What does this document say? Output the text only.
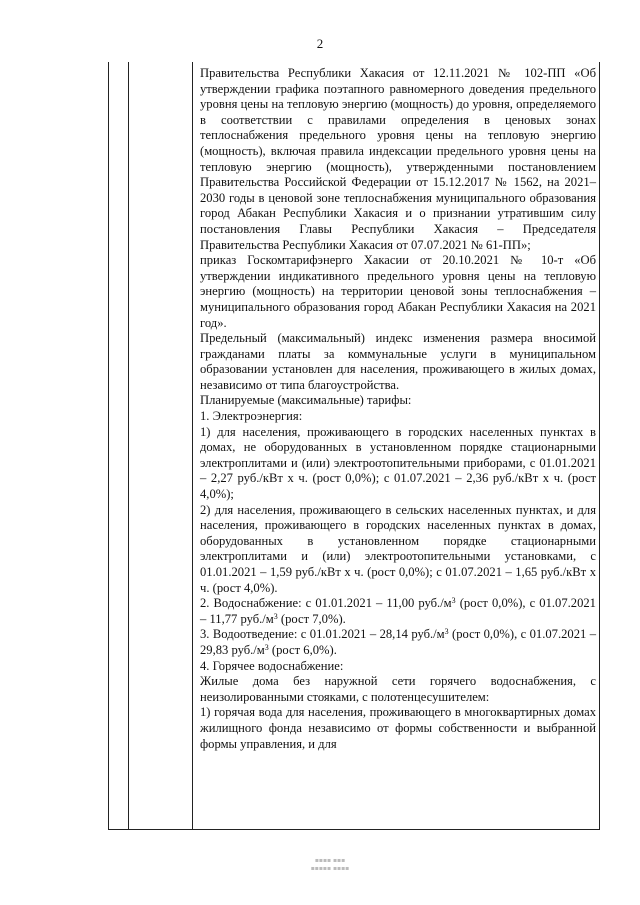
2

Правительства Республики Хакасия от 12.11.2021 № 102-ПП «Об утверждении графика поэтапного равномерного доведения предельного уровня цены на тепловую энергию (мощность) до уровня, определяемого в соответствии с правилами определения в ценовых зонах теплоснабжения предельного уровня цены на тепловую энергию (мощность), включая правила индексации предельного уровня цены на тепловую энергию (мощность), утвержденными постановлением Правительства Российской Федерации от 15.12.2017 № 1562, на 2021–2030 годы в ценовой зоне теплоснабжения муниципального образования город Абакан Республики Хакасия и о признании утратившим силу постановления Главы Республики Хакасия – Председателя Правительства Республики Хакасия от 07.07.2021 № 61-ПП»;

приказ Госкомтарифэнерго Хакасии от 20.10.2021 № 10-т «Об утверждении индикативного предельного уровня цены на тепловую энергию (мощность) на территории ценовой зоны теплоснабжения – муниципального образования город Абакан Республики Хакасия на 2021 год».

Предельный (максимальный) индекс изменения размера вносимой гражданами платы за коммунальные услуги в муниципальном образовании установлен для населения, проживающего в жилых домах, независимо от типа благоустройства.

Планируемые (максимальные) тарифы:

1. Электроэнергия:

1) для населения, проживающего в городских населенных пунктах в домах, не оборудованных в установленном порядке стационарными электроплитами и (или) электроотопительными приборами, с 01.01.2021 – 2,27 руб./кВт х ч. (рост 0,0%); с 01.07.2021 – 2,36 руб./кВт х ч. (рост 4,0%);

2) для населения, проживающего в сельских населенных пунктах, и для населения, проживающего в городских населенных пунктах в домах, оборудованных в установленном порядке стационарными электроплитами и (или) электроотопительными установками, с 01.01.2021 – 1,59 руб./кВт х ч. (рост 0,0%); с 01.07.2021 – 1,65 руб./кВт х ч. (рост 4,0%).

2. Водоснабжение: с 01.01.2021 – 11,00 $руб./м^3$ (рост 0,0%), с 01.07.2021 – 11,77 $руб./м^3$ (рост 7,0%).

3. Водоотведение: с 01.01.2021 – 28,14 $руб./м^3$ (рост 0,0%), с 01.07.2021 – 29,83 $руб./м^3$ (рост 6,0%).

4. Горячее водоснабжение:

Жилые дома без наружной сети горячего водоснабжения, с неизолированными стояками, с полотенцесушителем:

1) горячая вода для населения, проживающего в многоквартирных домах жилищного фонда независимо от формы собственности и выбранной формы управления, и для

▪▪▪▪ ▪▪▪
▪▪▪▪▪ ▪▪▪▪
